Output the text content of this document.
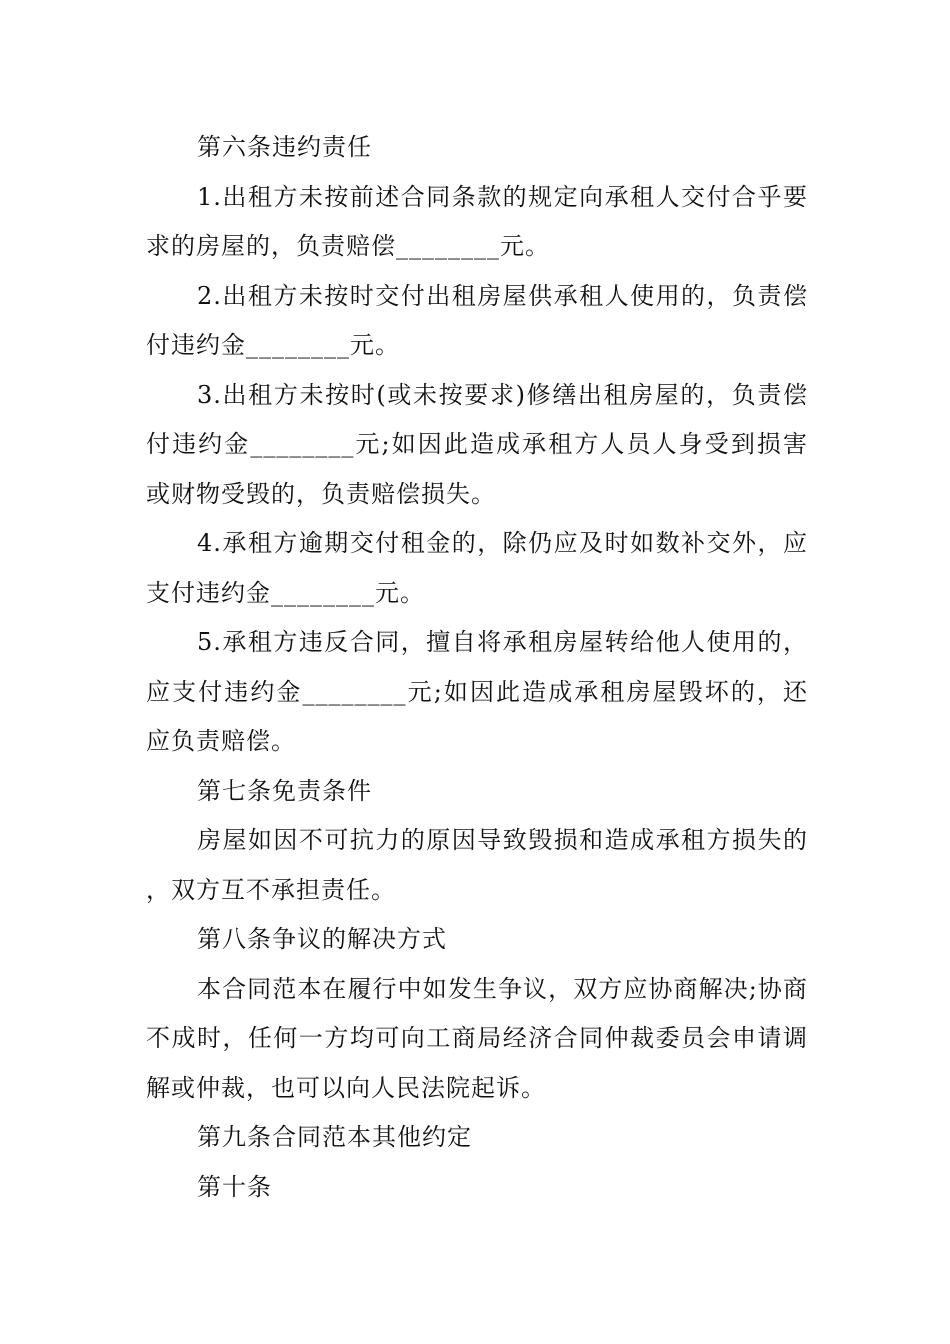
第六条违约责任

1.出租方未按前述合同条款的规定向承租人交付合乎要求的房屋的，负责赔偿________元。

2.出租方未按时交付出租房屋供承租人使用的，负责偿付违约金________元。

3.出租方未按时(或未按要求)修缮出租房屋的，负责偿付违约金________元;如因此造成承租方人员人身受到损害或财物受毁的，负责赔偿损失。

4.承租方逾期交付租金的，除仍应及时如数补交外，应支付违约金________元。

5.承租方违反合同，擅自将承租房屋转给他人使用的，应支付违约金________元;如因此造成承租房屋毁坏的，还应负责赔偿。

第七条免责条件

房屋如因不可抗力的原因导致毁损和造成承租方损失的，双方互不承担责任。

第八条争议的解决方式

本合同范本在履行中如发生争议，双方应协商解决;协商不成时，任何一方均可向工商局经济合同仲裁委员会申请调解或仲裁，也可以向人民法院起诉。

第九条合同范本其他约定

第十条
